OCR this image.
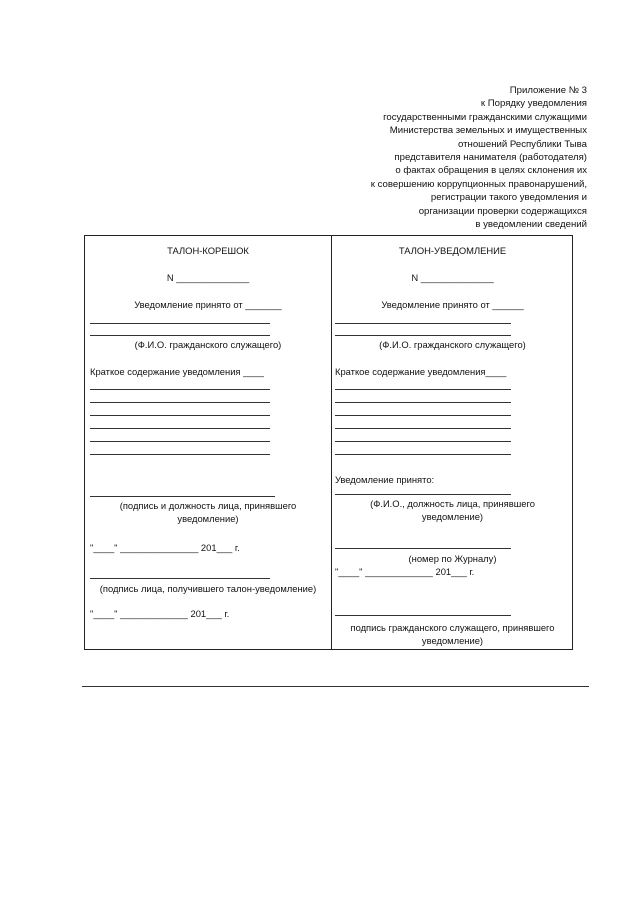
Приложение № 3
к Порядку уведомления
государственными гражданскими служащими
Министерства земельных и имущественных
отношений Республики Тыва
представителя нанимателя (работодателя)
о фактах обращения в целях склонения их
к совершению коррупционных правонарушений,
регистрации такого уведомления и
организации проверки содержащихся
в уведомлении сведений
ТАЛОН-КОРЕШОК
N ______________
Уведомление принято от _______
(Ф.И.О. гражданского служащего)
Краткое содержание уведомления ____
(подпись и должность лица, принявшего
уведомление)
"____" _______________ 201___ г.
(подпись лица, получившего талон-уведомление)
"____" _____________ 201___ г.
ТАЛОН-УВЕДОМЛЕНИЕ
N ______________
Уведомление принято от ______
(Ф.И.О. гражданского служащего)
Краткое содержание уведомления____
Уведомление принято:
(Ф.И.О., должность лица, принявшего
уведомление)
(номер по Журналу)
"____" _____________ 201___ г.
подпись гражданского служащего, принявшего
уведомление)
